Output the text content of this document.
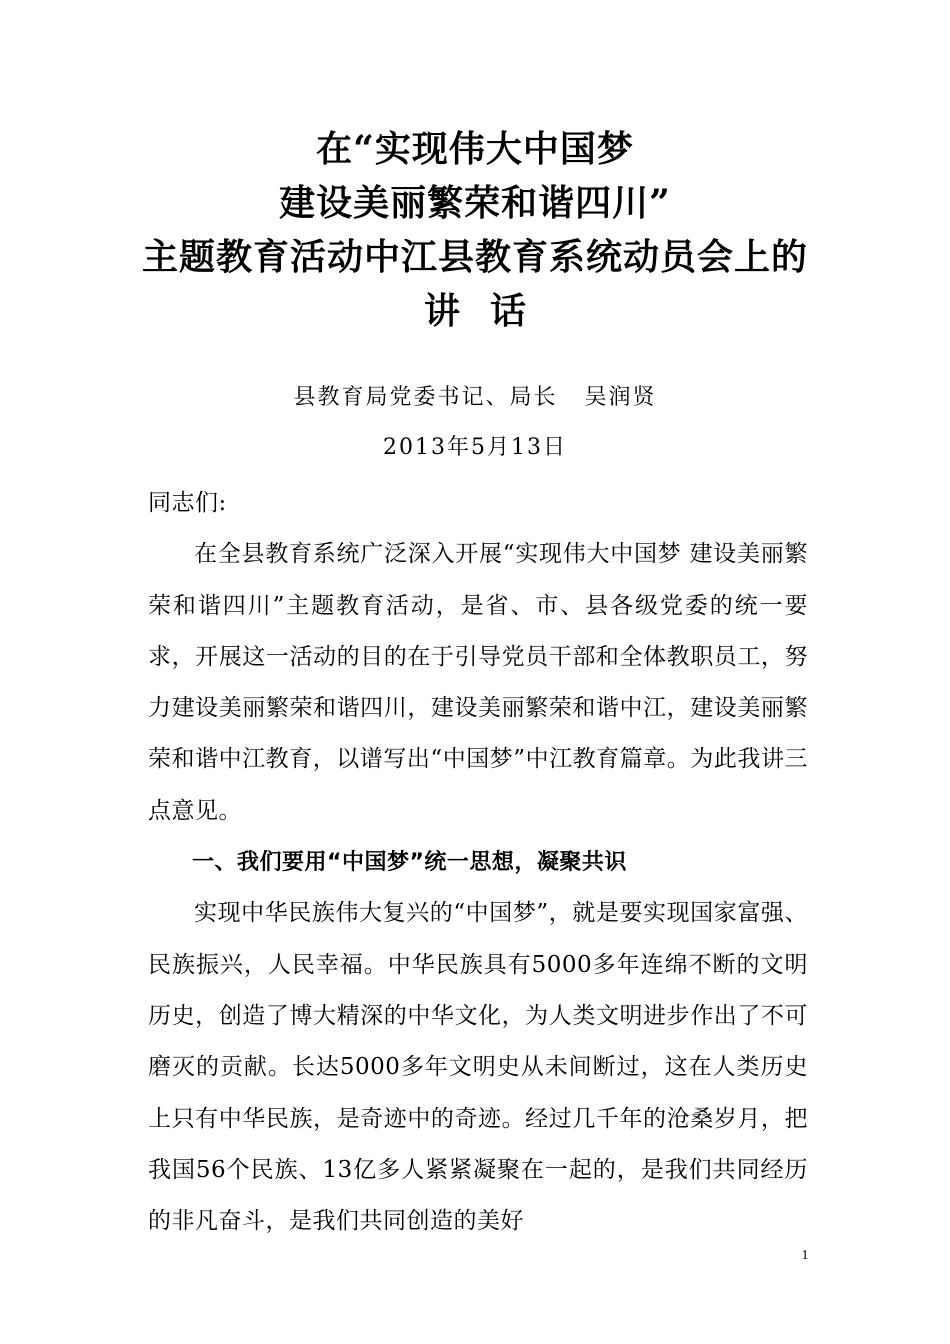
在“实现伟大中国梦
建设美丽繁荣和谐四川”
主题教育活动中江县教育系统动员会上的
讲话
县教育局党委书记、局长   吴润贤
2013年5月13日

同志们:

在全县教育系统广泛深入开展“实现伟大中国梦 建设美丽繁荣和谐四川”主题教育活动，是省、市、县各级党委的统一要求，开展这一活动的目的在于引导党员干部和全体教职员工，努力建设美丽繁荣和谐四川，建设美丽繁荣和谐中江，建设美丽繁荣和谐中江教育，以谱写出“中国梦”中江教育篇章。为此我讲三点意见。

一、我们要用“中国梦”统一思想，凝聚共识

实现中华民族伟大复兴的“中国梦”，就是要实现国家富强、民族振兴，人民幸福。中华民族具有5000多年连绵不断的文明历史，创造了博大精深的中华文化，为人类文明进步作出了不可磨灭的贡献。长达5000多年文明史从未间断过，这在人类历史上只有中华民族，是奇迹中的奇迹。经过几千年的沧桑岁月，把我国56个民族、13亿多人紧紧凝聚在一起的，是我们共同经历的非凡奋斗，是我们共同创造的美好

1
